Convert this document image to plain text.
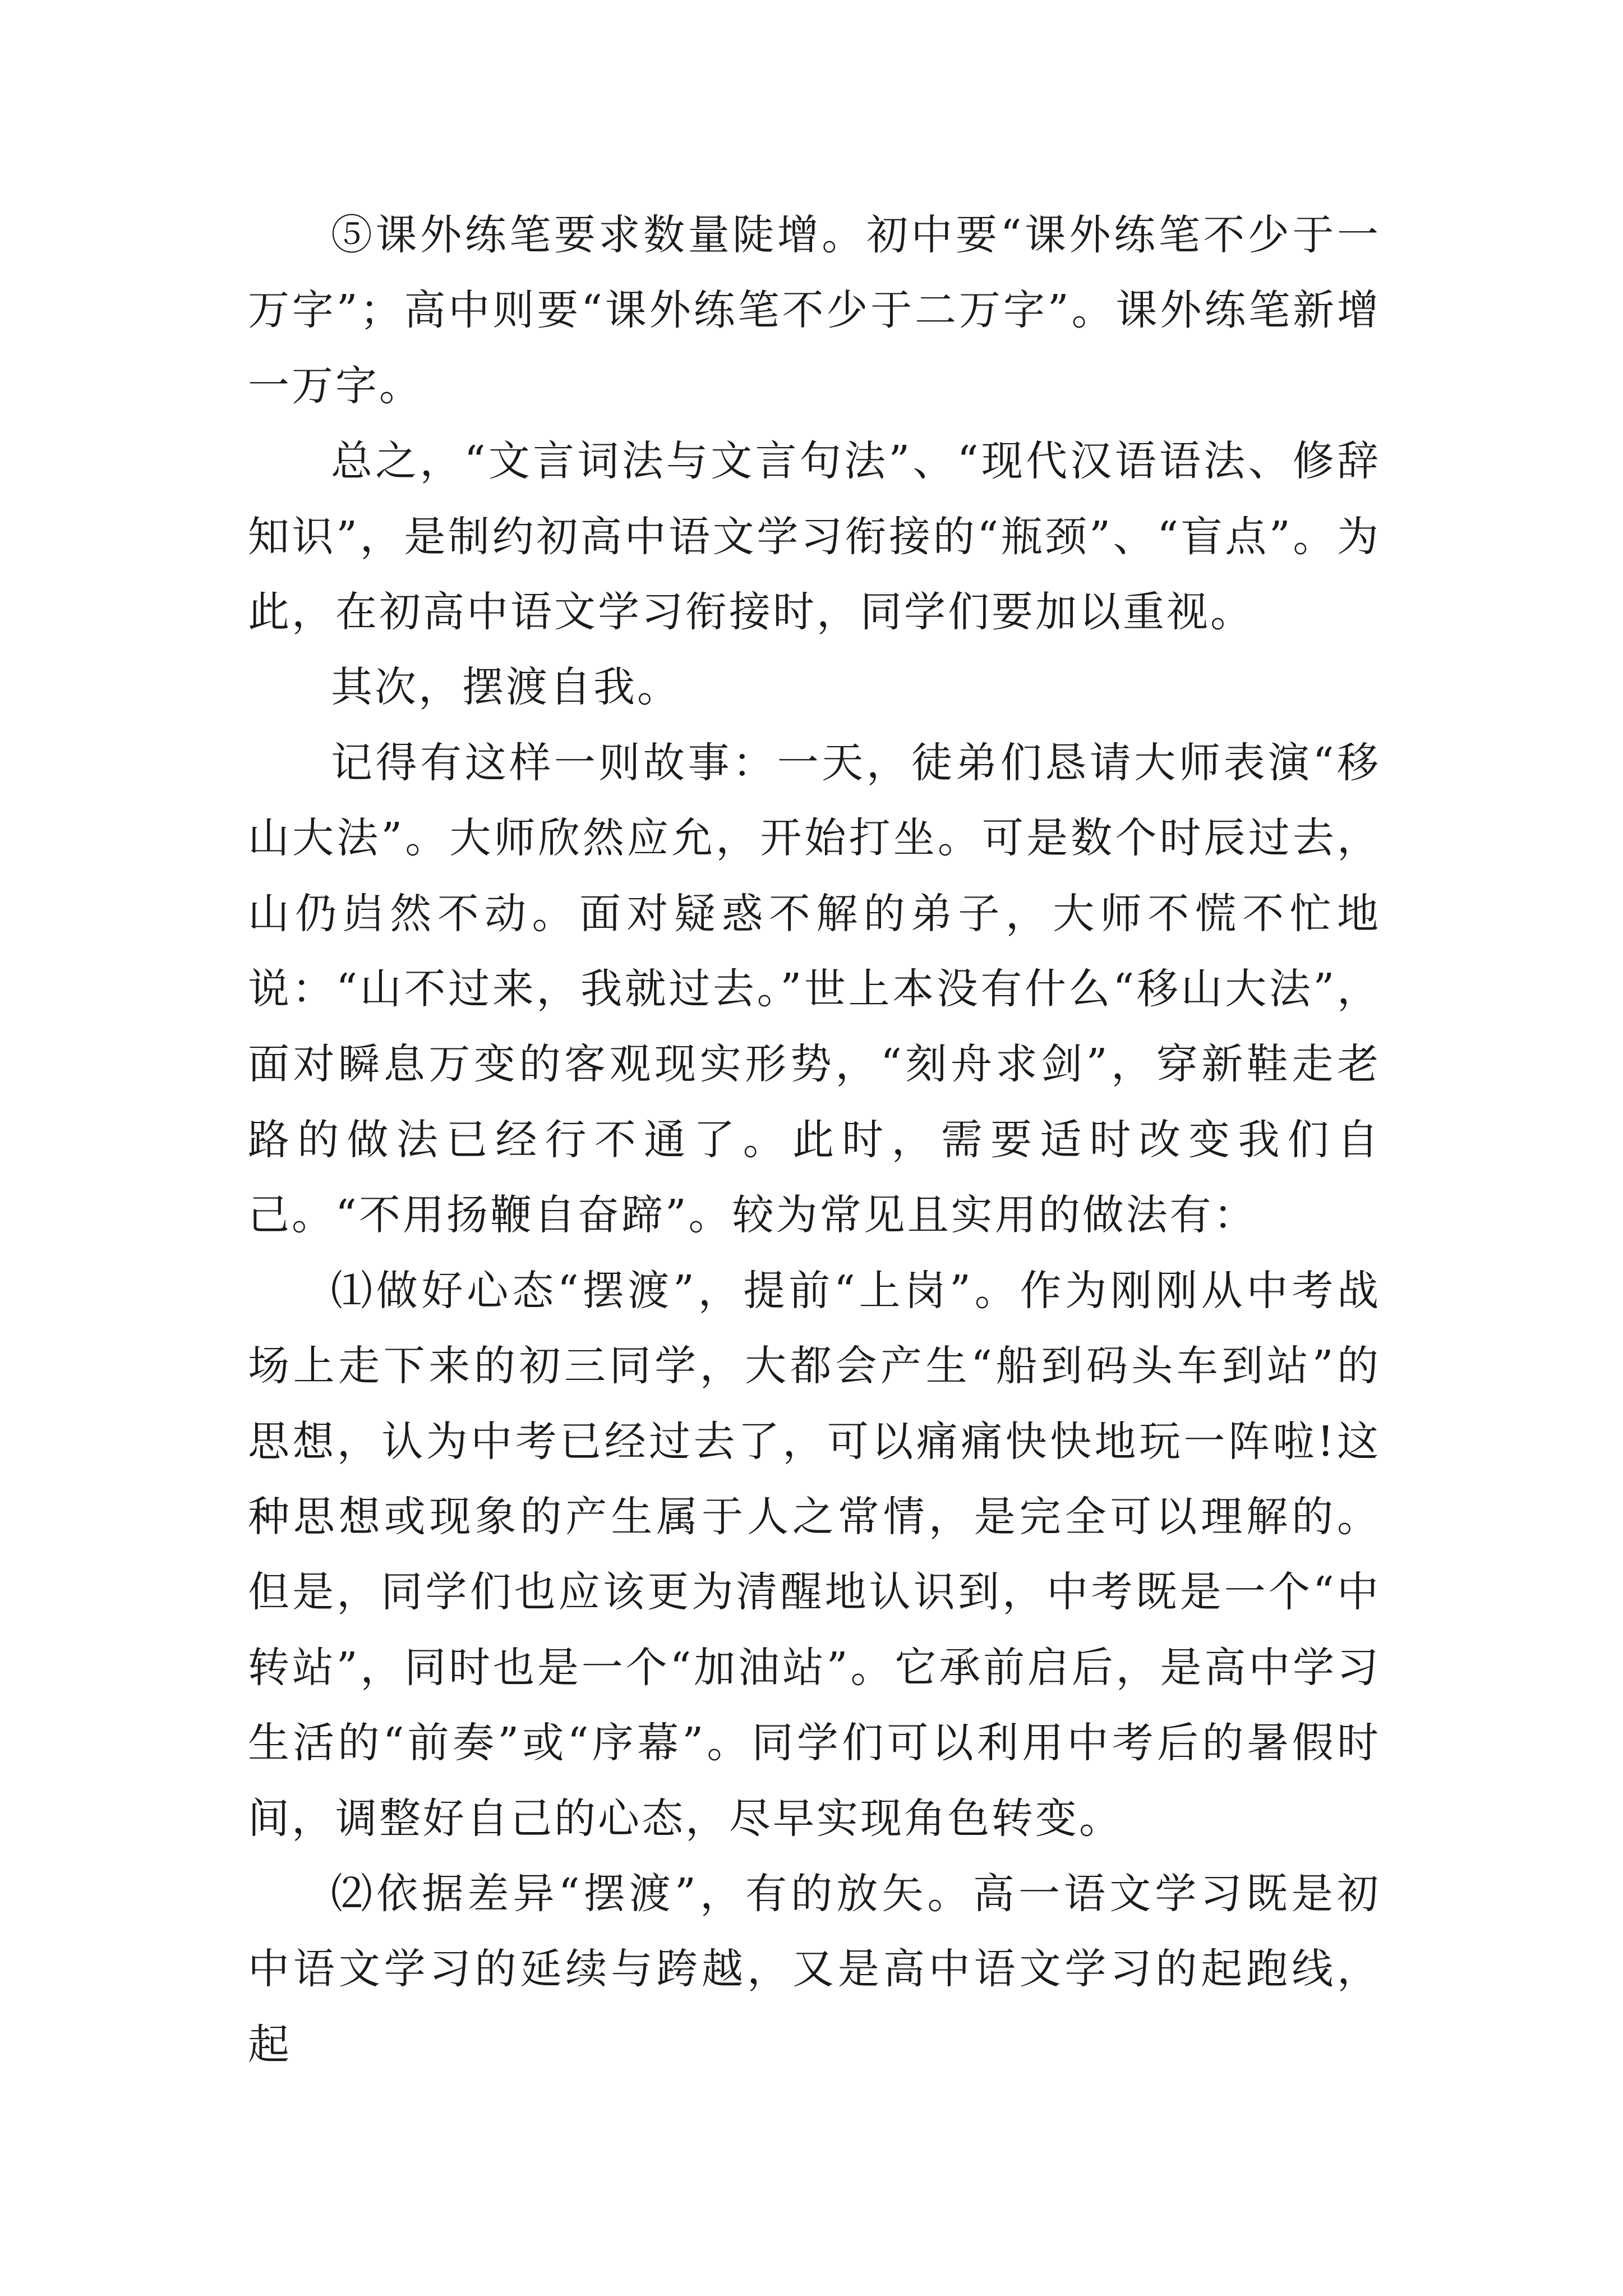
⑤课外练笔要求数量陡增。初中要“课外练笔不少于一万字”；高中则要“课外练笔不少于二万字”。课外练笔新增一万字。

总之，“文言词法与文言句法”、“现代汉语语法、修辞知识”，是制约初高中语文学习衔接的“瓶颈”、“盲点”。为此，在初高中语文学习衔接时，同学们要加以重视。

其次，摆渡自我。

记得有这样一则故事：一天，徒弟们恳请大师表演“移山大法”。大师欣然应允，开始打坐。可是数个时辰过去，山仍岿然不动。面对疑惑不解的弟子，大师不慌不忙地说：“山不过来，我就过去。”世上本没有什么“移山大法”，面对瞬息万变的客观现实形势，“刻舟求剑”，穿新鞋走老路的做法已经行不通了。此时，需要适时改变我们自己。“不用扬鞭自奋蹄”。较为常见且实用的做法有：

⑴做好心态“摆渡”，提前“上岗”。作为刚刚从中考战场上走下来的初三同学，大都会产生“船到码头车到站”的思想，认为中考已经过去了，可以痛痛快快地玩一阵啦!这种思想或现象的产生属于人之常情，是完全可以理解的。但是，同学们也应该更为清醒地认识到，中考既是一个“中转站”，同时也是一个“加油站”。它承前启后，是高中学习生活的“前奏”或“序幕”。同学们可以利用中考后的暑假时间，调整好自己的心态，尽早实现角色转变。

⑵依据差异“摆渡”，有的放矢。高一语文学习既是初中语文学习的延续与跨越，又是高中语文学习的起跑线，起
